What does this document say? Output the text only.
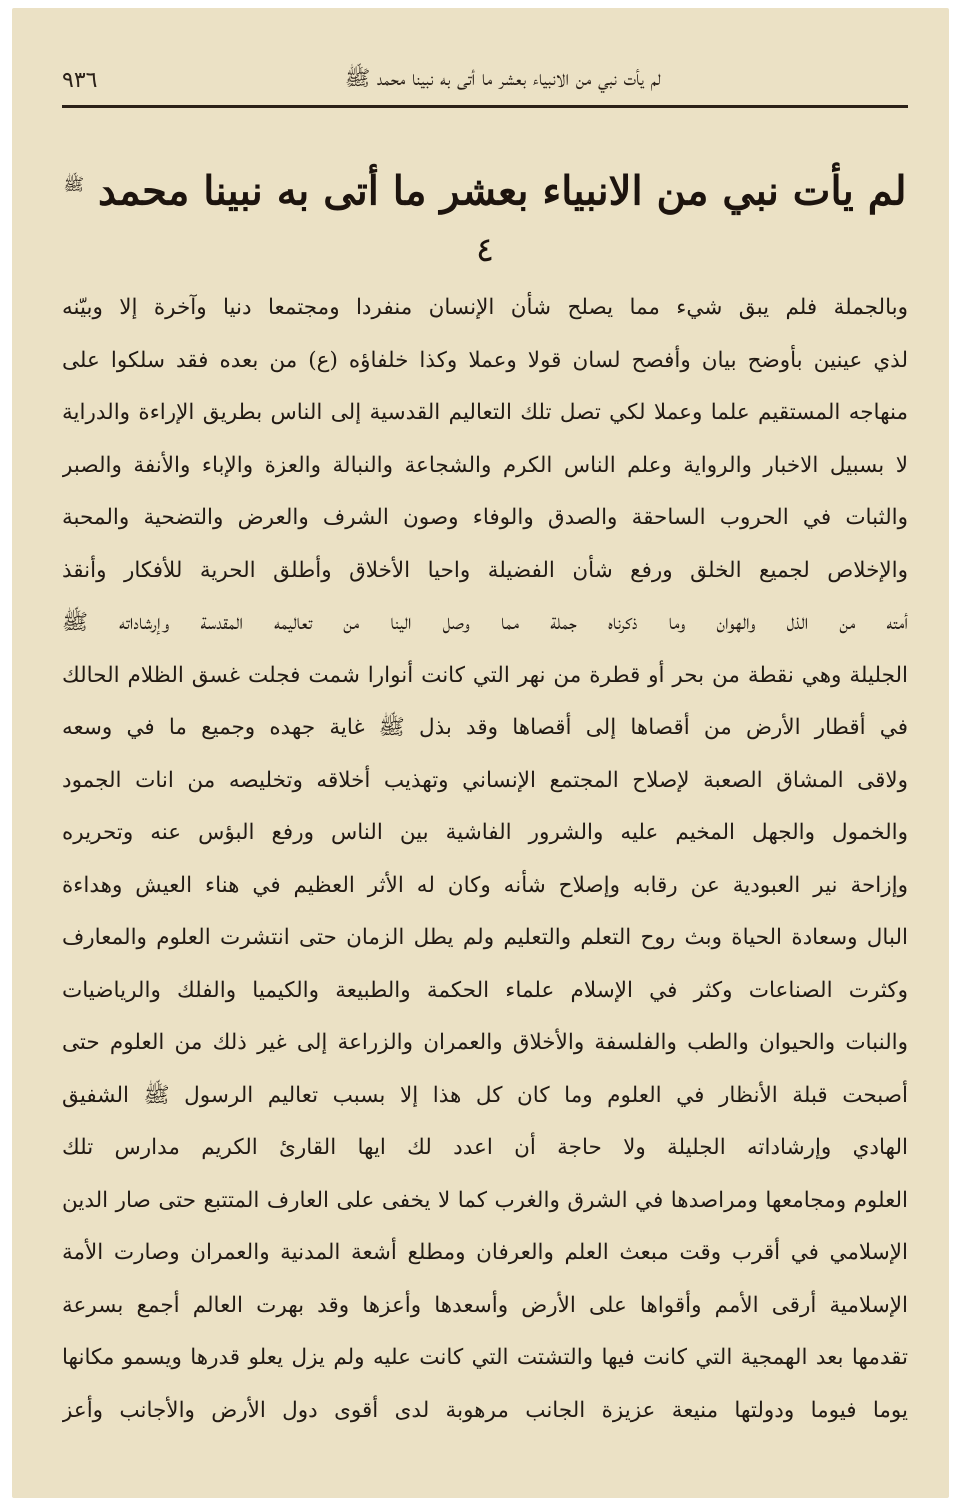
لم يأت نبي من الانبياء بعشر ما أتى به نبينا محمد ﷺ
٩٣٦
لم يأت نبي من الانبياء بعشر ما أتى به نبينا محمد $^ﷺ$
٤
وبالجملة فلم يبق شيء مما يصلح شأن الإنسان منفردا ومجتمعا دنيا وآخرة إلا وبيّنه
لذي عينين بأوضح بيان وأفصح لسان قولا وعملا وكذا خلفاؤه (ع) من بعده فقد سلكوا على
منهاجه المستقيم علما وعملا لكي تصل تلك التعاليم القدسية إلى الناس بطريق الإراءة والدراية
لا بسبيل الاخبار والرواية وعلم الناس الكرم والشجاعة والنبالة والعزة والإباء والأنفة والصبر
والثبات في الحروب الساحقة والصدق والوفاء وصون الشرف والعرض والتضحية والمحبة
والإخلاص لجميع الخلق ورفع شأن الفضيلة واحيا الأخلاق وأطلق الحرية للأفكار وأنقذ
أمته من الذل والهوان وما ذكرناه جملة مما وصل الينا من تعاليمه المقدسة وإرشاداته ﷺ
الجليلة وهي نقطة من بحر أو قطرة من نهر التي كانت أنوارا شمت فجلت غسق الظلام الحالك
في أقطار الأرض من أقصاها إلى أقصاها وقد بذل ﷺ غاية جهده وجميع ما في وسعه
ولاقى المشاق الصعبة لإصلاح المجتمع الإنساني وتهذيب أخلاقه وتخليصه من انات الجمود
والخمول والجهل المخيم عليه والشرور الفاشية بين الناس ورفع البؤس عنه وتحريره
وإزاحة نير العبودية عن رقابه وإصلاح شأنه وكان له الأثر العظيم في هناء العيش وهداءة
البال وسعادة الحياة وبث روح التعلم والتعليم ولم يطل الزمان حتى انتشرت العلوم والمعارف
وكثرت الصناعات وكثر في الإسلام علماء الحكمة والطبيعة والكيميا والفلك والرياضيات
والنبات والحيوان والطب والفلسفة والأخلاق والعمران والزراعة إلى غير ذلك من العلوم حتى
أصبحت قبلة الأنظار في العلوم وما كان كل هذا إلا بسبب تعاليم الرسول ﷺ الشفيق
الهادي وإرشاداته الجليلة ولا حاجة أن اعدد لك ايها القارئ الكريم مدارس تلك
العلوم ومجامعها ومراصدها في الشرق والغرب كما لا يخفى على العارف المتتبع حتى صار الدين
الإسلامي في أقرب وقت مبعث العلم والعرفان ومطلع أشعة المدنية والعمران وصارت الأمة
الإسلامية أرقى الأمم وأقواها على الأرض وأسعدها وأعزها وقد بهرت العالم أجمع بسرعة
تقدمها بعد الهمجية التي كانت فيها والتشتت التي كانت عليه ولم يزل يعلو قدرها ويسمو مكانها
يوما فيوما ودولتها منيعة عزيزة الجانب مرهوبة لدى أقوى دول الأرض والأجانب وأعز
